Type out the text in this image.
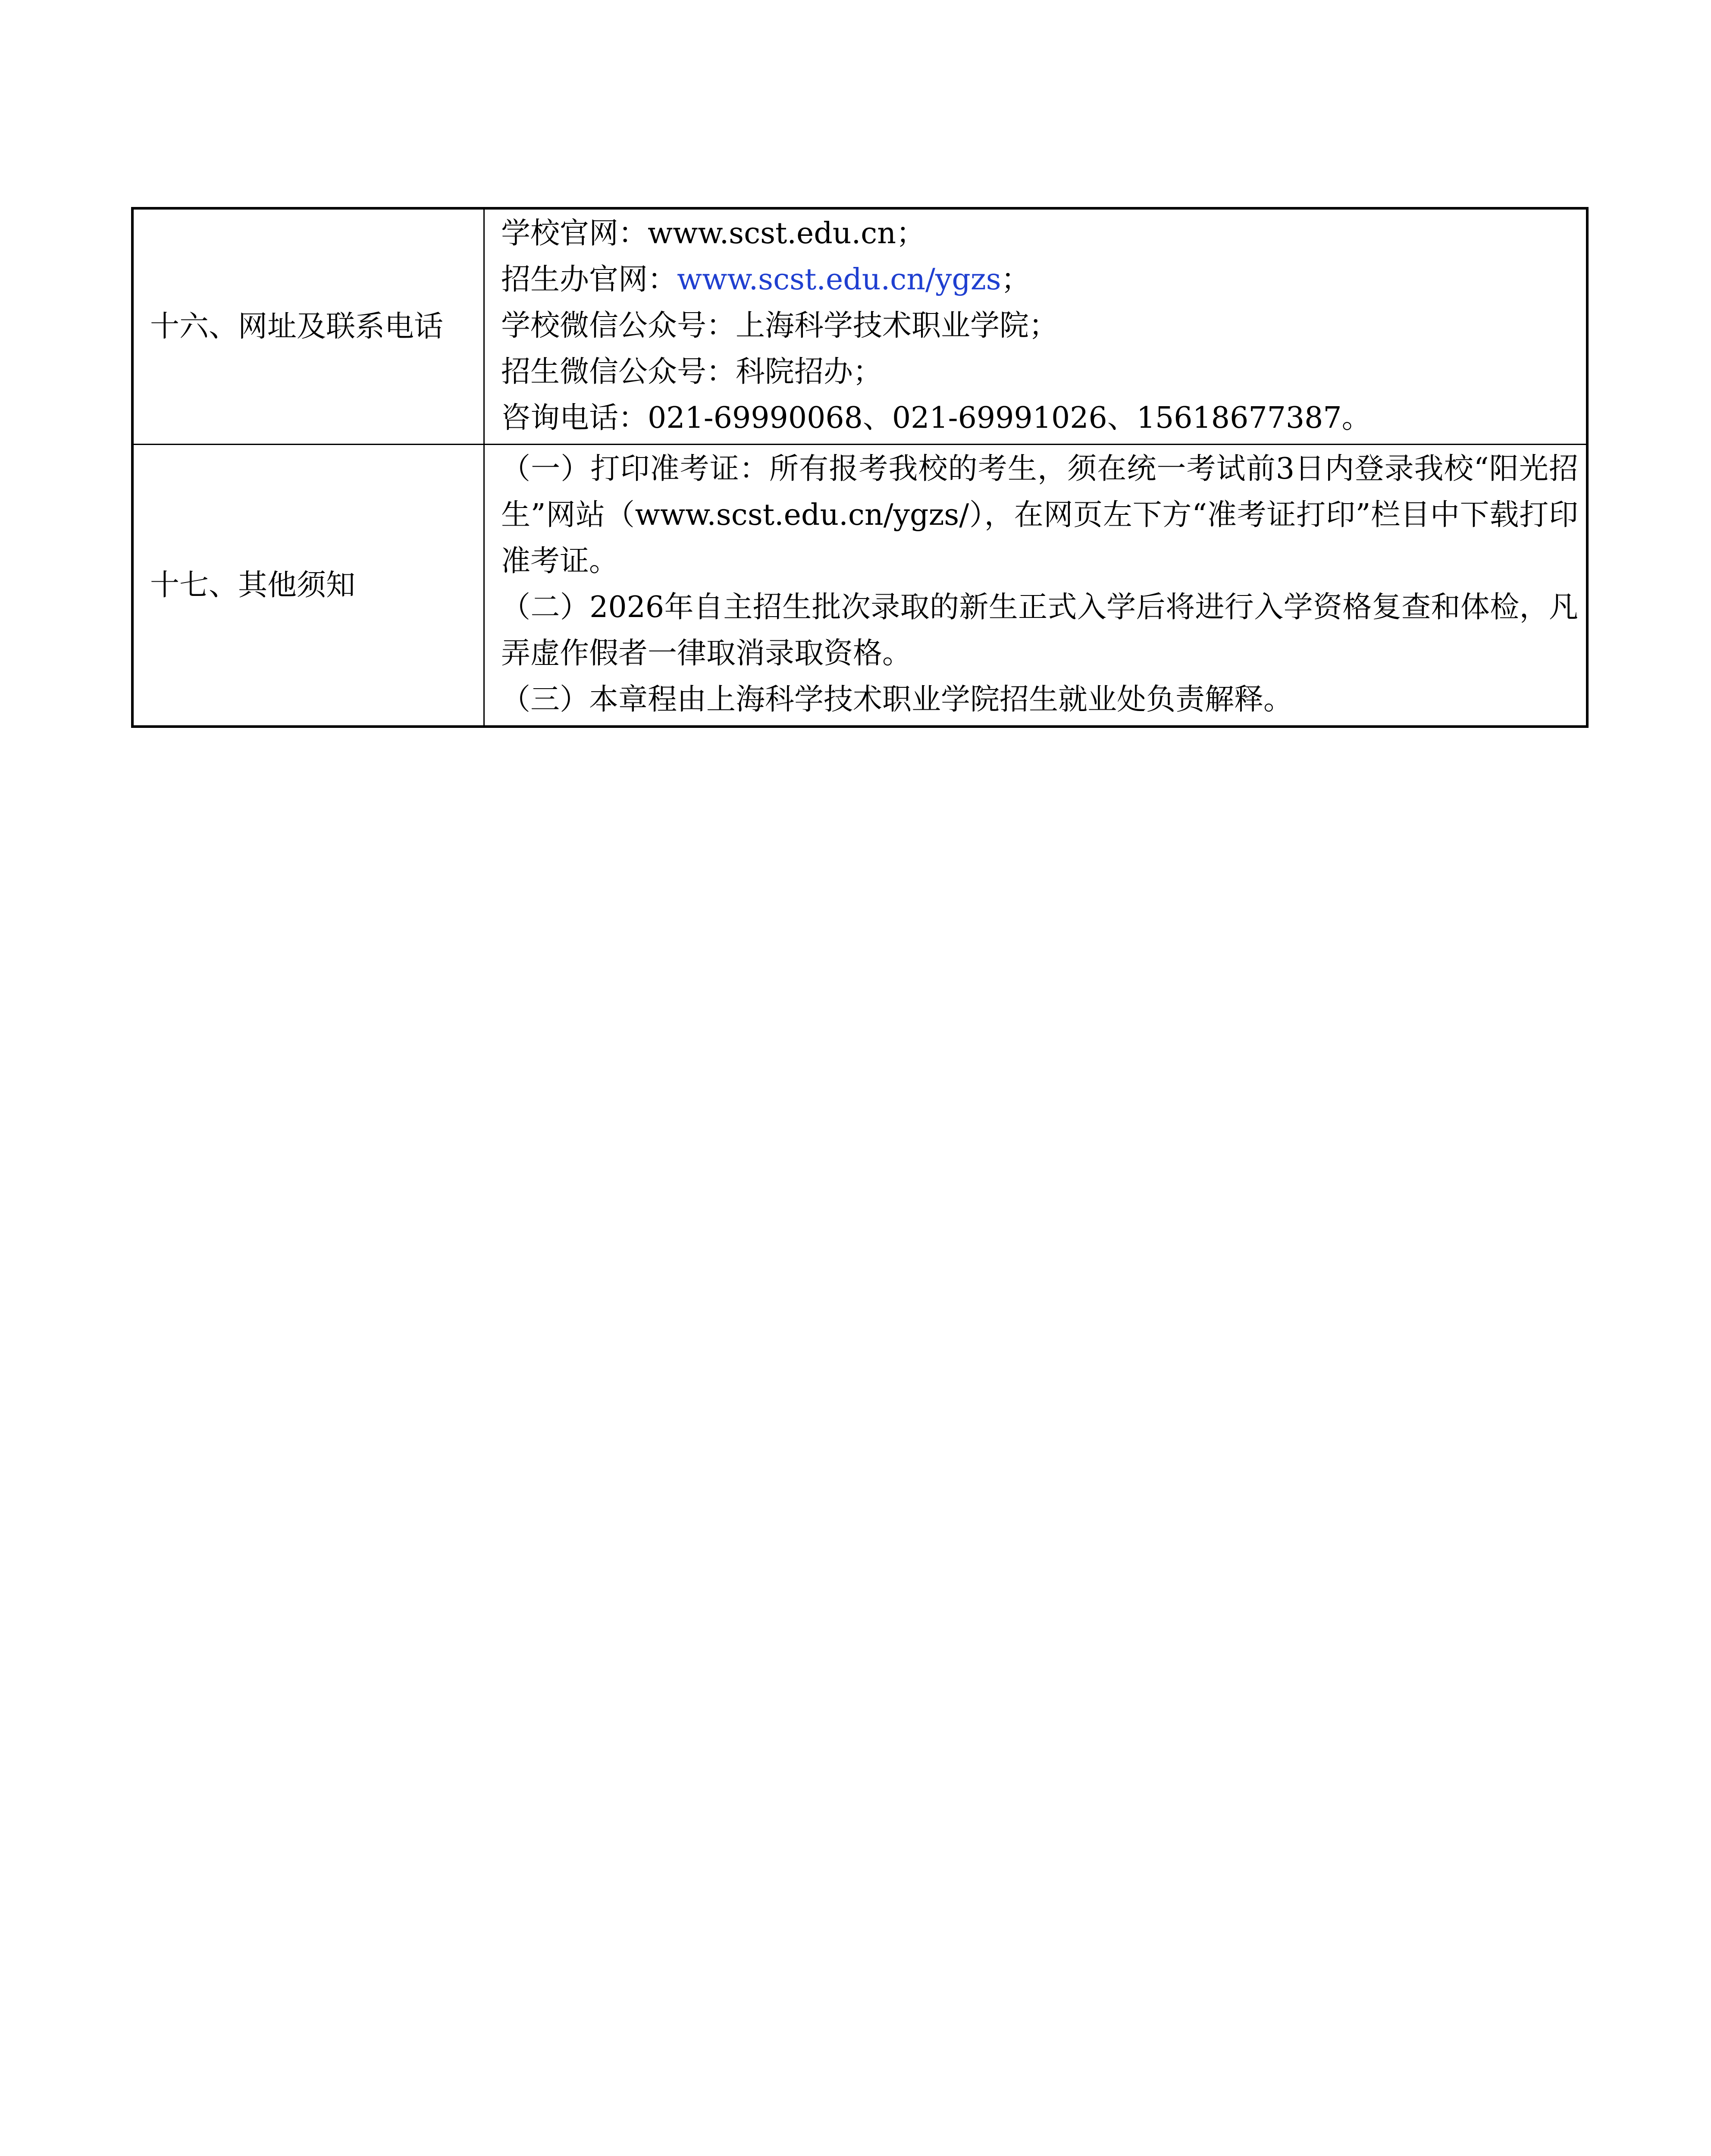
十六、网址及联系电话	学校官网：www.scst.edu.cn；
招生办官网：www.scst.edu.cn/ygzs；
学校微信公众号：上海科学技术职业学院；
招生微信公众号：科院招办；
咨询电话：021-69990068、021-69991026、15618677387。

十七、其他须知	（一）打印准考证：所有报考我校的考生，须在统一考试前3日内登录我校“阳光招生”网站（www.scst.edu.cn/ygzs/），在网页左下方“准考证打印”栏目中下载打印准考证。
（二）2026年自主招生批次录取的新生正式入学后将进行入学资格复查和体检，凡弄虚作假者一律取消录取资格。
（三）本章程由上海科学技术职业学院招生就业处负责解释。
